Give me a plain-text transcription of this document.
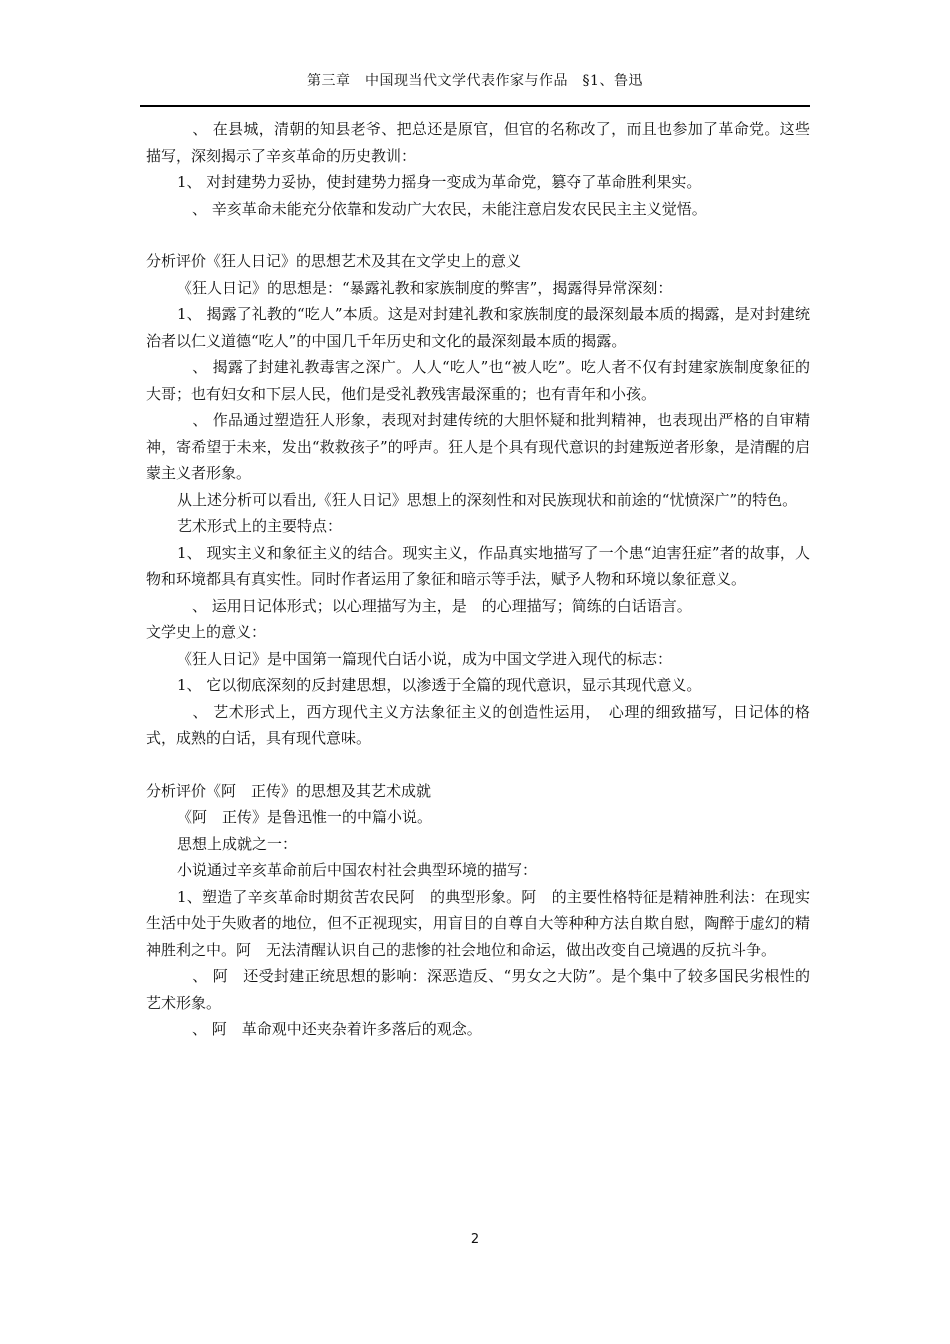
第三章　中国现当代文学代表作家与作品　§1、鲁迅

　、 在县城，清朝的知县老爷、把总还是原官，但官的名称改了，而且也参加了革命党。这些描写，深刻揭示了辛亥革命的历史教训：

1、 对封建势力妥协，使封建势力摇身一变成为革命党，篡夺了革命胜利果实。

　、 辛亥革命未能充分依靠和发动广大农民，未能注意启发农民民主主义觉悟。

分析评价《狂人日记》的思想艺术及其在文学史上的意义

《狂人日记》的思想是：“暴露礼教和家族制度的弊害”，揭露得异常深刻：

1、 揭露了礼教的“吃人”本质。这是对封建礼教和家族制度的最深刻最本质的揭露，是对封建统治者以仁义道德“吃人”的中国几千年历史和文化的最深刻最本质的揭露。

　、 揭露了封建礼教毒害之深广。人人“吃人”也“被人吃”。吃人者不仅有封建家族制度象征的大哥；也有妇女和下层人民，他们是受礼教残害最深重的；也有青年和小孩。

　、 作品通过塑造狂人形象，表现对封建传统的大胆怀疑和批判精神，也表现出严格的自审精神，寄希望于未来，发出“救救孩子”的呼声。狂人是个具有现代意识的封建叛逆者形象，是清醒的启蒙主义者形象。

从上述分析可以看出,《狂人日记》思想上的深刻性和对民族现状和前途的“忧愤深广”的特色。

艺术形式上的主要特点：

1、 现实主义和象征主义的结合。现实主义，作品真实地描写了一个患“迫害狂症”者的故事，人物和环境都具有真实性。同时作者运用了象征和暗示等手法，赋予人物和环境以象征意义。

　、 运用日记体形式；以心理描写为主，是　的心理描写；简练的白话语言。

文学史上的意义：

《狂人日记》是中国第一篇现代白话小说，成为中国文学进入现代的标志：

1、 它以彻底深刻的反封建思想，以渗透于全篇的现代意识，显示其现代意义。

　、 艺术形式上，西方现代主义方法象征主义的创造性运用，　心理的细致描写，日记体的格式，成熟的白话，具有现代意味。

分析评价《阿　正传》的思想及其艺术成就

《阿　正传》是鲁迅惟一的中篇小说。

思想上成就之一：

小说通过辛亥革命前后中国农村社会典型环境的描写：

1、塑造了辛亥革命时期贫苦农民阿　的典型形象。阿　的主要性格特征是精神胜利法：在现实生活中处于失败者的地位，但不正视现实，用盲目的自尊自大等种种方法自欺自慰，陶醉于虚幻的精神胜利之中。阿　无法清醒认识自己的悲惨的社会地位和命运，做出改变自己境遇的反抗斗争。

　、 阿　还受封建正统思想的影响：深恶造反、“男女之大防”。是个集中了较多国民劣根性的艺术形象。

　、 阿　革命观中还夹杂着许多落后的观念。

2
